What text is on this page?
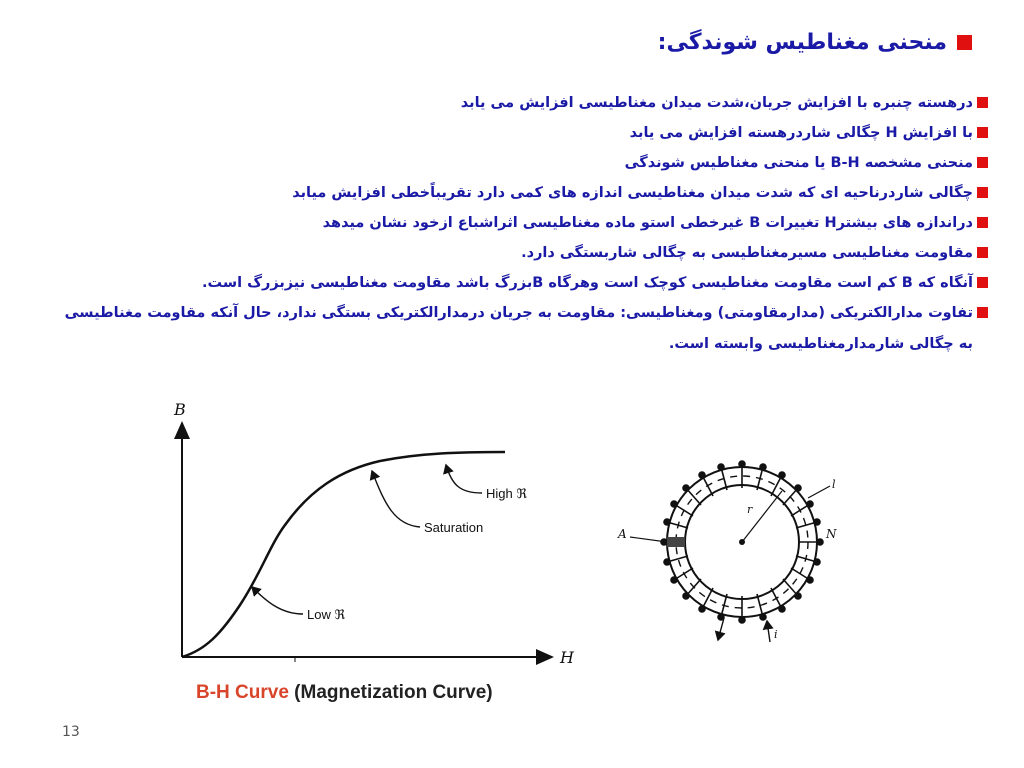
منحنی مغناطیس شوندگی:
درهسته چنبره با افزایش جریان،شدت میدان مغناطیسی افزایش می یابد
با افزایش H چگالی شاردرهسته افزایش می یابد
منحنی مشخصه B-H یا منحنی مغناطیس شوندگی
چگالی شاردرناحیه ای که شدت میدان مغناطیسی اندازه های کمی دارد تقریباًخطی افزایش میابد
دراندازه های بیشترH تغییرات B غیرخطی استو ماده مغناطیسی اثراشباع ازخود نشان میدهد
مقاومت مغناطیسی مسیرمغناطیسی به چگالی شاربستگی دارد.
آنگاه که B کم است مقاومت مغناطیسی کوچک است وهرگاه Bبزرگ باشد مقاومت مغناطیسی نیزبزرگ است.
تفاوت مدارالکتریکی (مدارمقاومتی) ومغناطیسی: مقاومت به جریان درمدارالکتریکی بستگی ندارد، حال آنکه مقاومت مغناطیسی به چگالی شارمدارمغناطیسی وابسته است.
B
H
High ℜ
Saturation
Low ℜ
B-H Curve (Magnetization Curve)
A
r
l
N
i
13
